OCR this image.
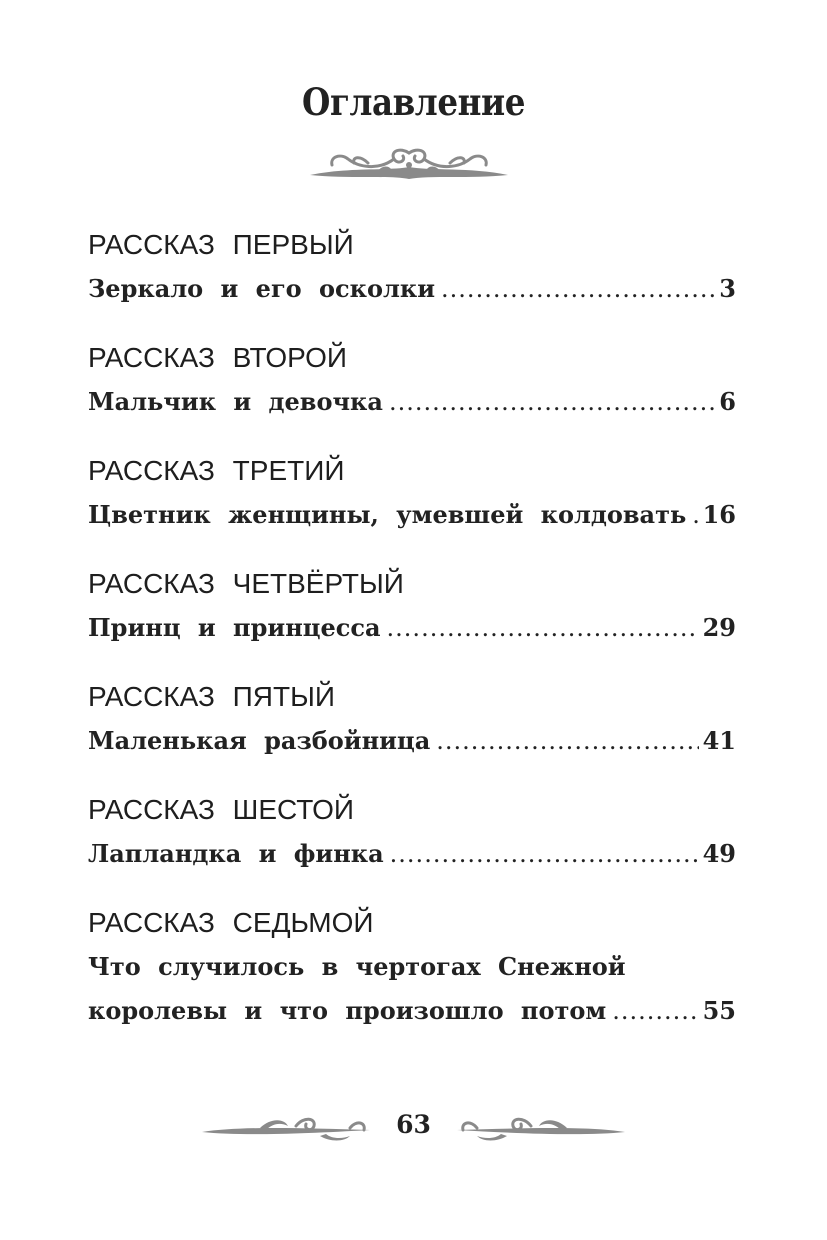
Оглавление
РАССКАЗ ПЕРВЫЙ
Зеркало и его осколки .....	3
РАССКАЗ ВТОРОЙ
Мальчик и девочка .....	6
РАССКАЗ ТРЕТИЙ
Цветник женщины, умевшей колдовать ..... 16
РАССКАЗ ЧЕТВЁРТЫЙ
Принц и принцесса .....	29
РАССКАЗ ПЯТЫЙ
Маленькая разбойница .....	41
РАССКАЗ ШЕСТОЙ
Лапландка и финка .....	49
РАССКАЗ СЕДЬМОЙ
Что случилось в чертогах Снежной
королевы и что произошло потом .....	55
63
